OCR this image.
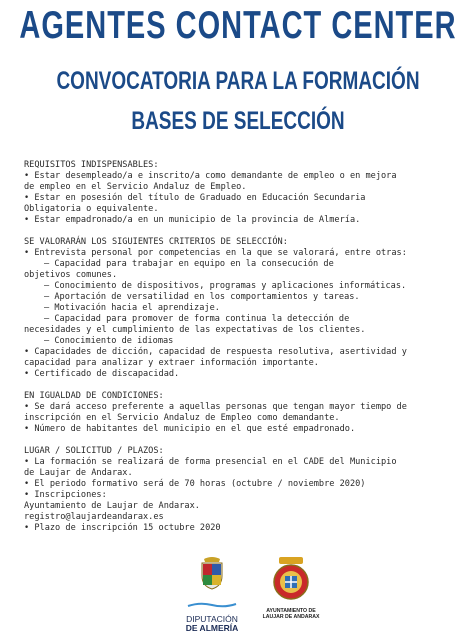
AGENTES CONTACT CENTER
CONVOCATORIA PARA LA FORMACIÓN
BASES DE SELECCIÓN
REQUISITOS INDISPENSABLES:
• Estar desempleado/a e inscrito/a como demandante de empleo o en mejora
de empleo en el Servicio Andaluz de Empleo.
• Estar en posesión del título de Graduado en Educación Secundaria
Obligatoria o equivalente.
• Estar empadronado/a en un municipio de la provincia de Almería.
SE VALORARÁN LOS SIGUIENTES CRITERIOS DE SELECCIÓN:
• Entrevista personal por competencias en la que se valorará, entre otras:
– Capacidad para trabajar en equipo en la consecución de
objetivos comunes.
– Conocimiento de dispositivos, programas y aplicaciones informáticas.
– Aportación de versatilidad en los comportamientos y tareas.
– Motivación hacia el aprendizaje.
– Capacidad para promover de forma continua la detección de
necesidades y el cumplimiento de las expectativas de los clientes.
– Conocimiento de idiomas
• Capacidades de dicción, capacidad de respuesta resolutiva, asertividad y
capacidad para analizar y extraer información importante.
• Certificado de discapacidad.
EN IGUALDAD DE CONDICIONES:
• Se dará acceso preferente a aquellas personas que tengan mayor tiempo de
inscripción en el Servicio Andaluz de Empleo como demandante.
• Número de habitantes del municipio en el que esté empadronado.
LUGAR / SOLICITUD / PLAZOS:
• La formación se realizará de forma presencial en el CADE del Municipio
de Laujar de Andarax.
• El periodo formativo será de 70 horas (octubre / noviembre 2020)
• Inscripciones:
Ayuntamiento de Laujar de Andarax.
registro@laujardeandarax.es
• Plazo de inscripción 15 octubre 2020

DIPUTACIÓN
DE ALMERÍA
AYUNTAMIENTO DE
LAUJAR DE ANDARAX
